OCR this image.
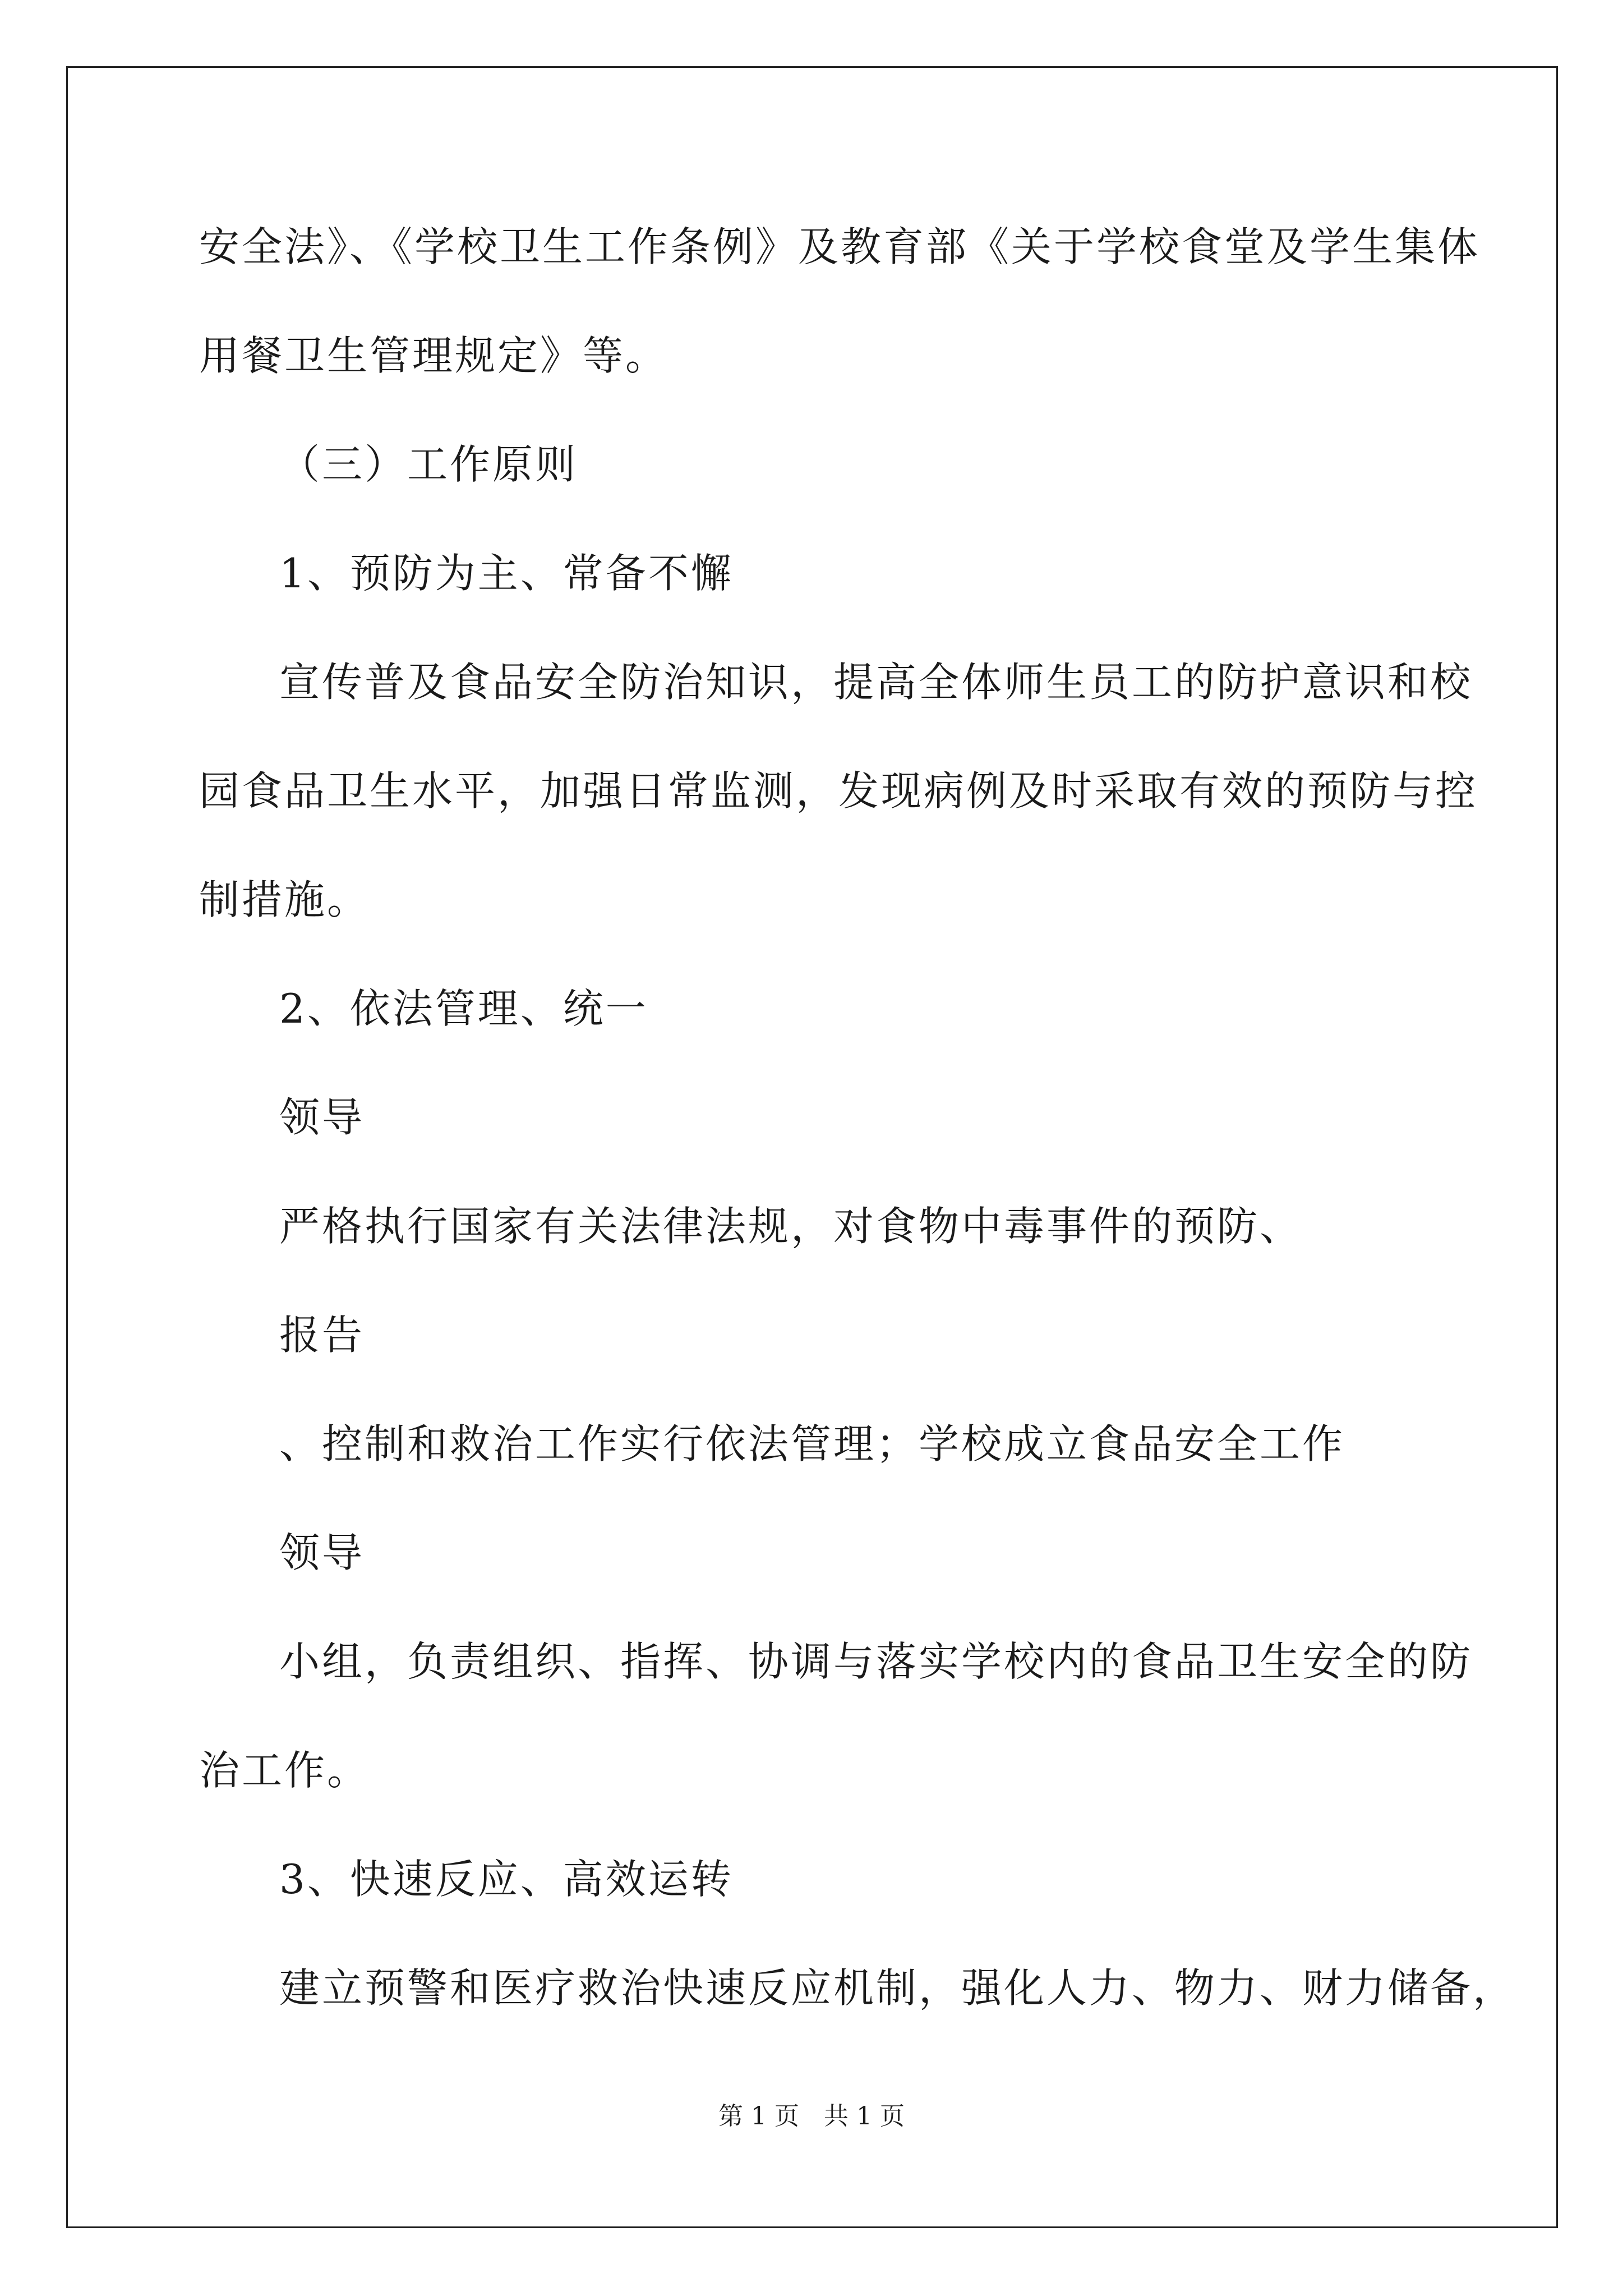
安全法》、《学校卫生工作条例》及教育部《关于学校食堂及学生集体
用餐卫生管理规定》等。
（三）工作原则
1、预防为主、常备不懈
宣传普及食品安全防治知识，提高全体师生员工的防护意识和校
园食品卫生水平，加强日常监测，发现病例及时采取有效的预防与控
制措施。
2、依法管理、统一
领导
严格执行国家有关法律法规，对食物中毒事件的预防、
报告
、控制和救治工作实行依法管理；学校成立食品安全工作
领导
小组，负责组织、指挥、协调与落实学校内的食品卫生安全的防
治工作。
3、快速反应、高效运转
建立预警和医疗救治快速反应机制，强化人力、物力、财力储备，
第 1 页　共 1 页
